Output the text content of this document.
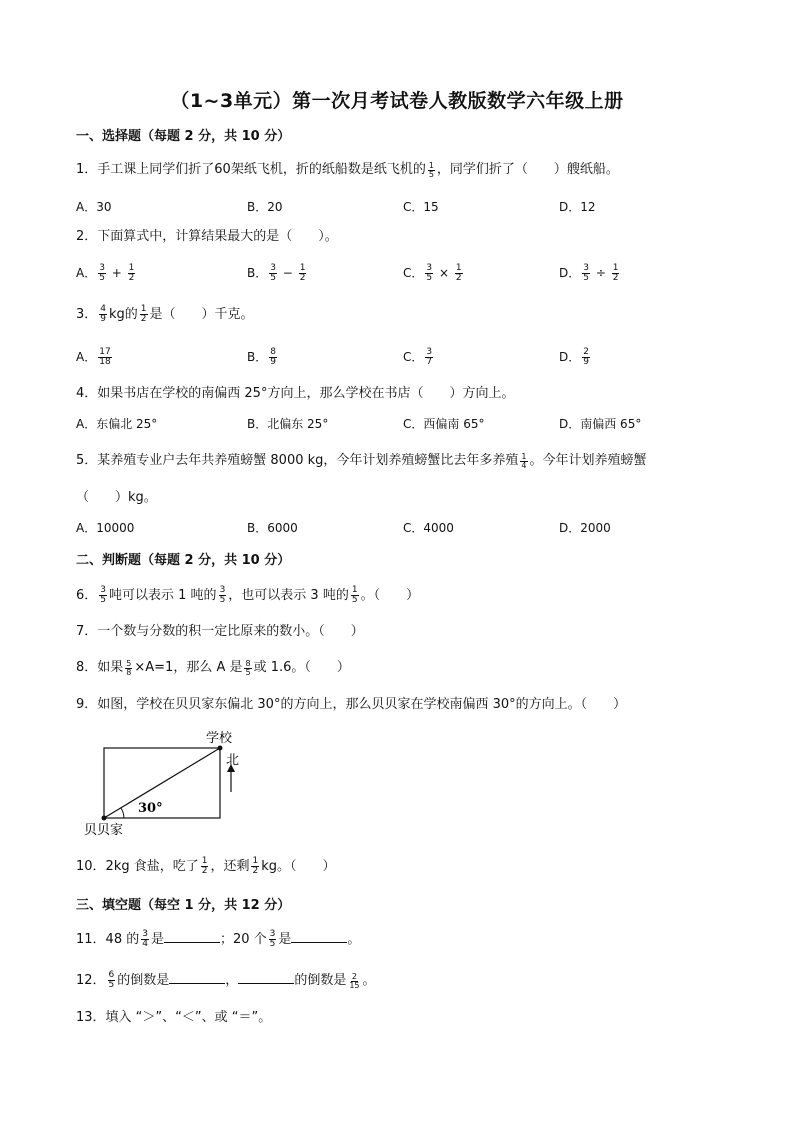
（1~3单元）第一次月考试卷人教版数学六年级上册
一、选择题（每题 2 分，共 10 分）
1．手工课上同学们折了60架纸飞机，折的纸船数是纸飞机的 $\frac{1}{5}$ ，同学们折了（　　）艘纸船。
A．30	B．20	C．15	D．12
2．下面算式中，计算结果最大的是（　　）。
A． $\frac{3}{5} + \frac{1}{2}$	B． $\frac{3}{5} - \frac{1}{2}$	C． $\frac{3}{5} \times \frac{1}{2}$	D． $\frac{3}{5} \div \frac{1}{2}$
3． $\frac{4}{9}$ kg的 $\frac{1}{2}$ 是（　　）千克。
A． $\frac{17}{18}$	B． $\frac{8}{9}$	C． $\frac{3}{7}$	D． $\frac{2}{9}$
4．如果书店在学校的南偏西 25°方向上，那么学校在书店（　　）方向上。
A．东偏北 25°	B．北偏东 25°	C．西偏南 65°	D．南偏西 65°
5．某养殖专业户去年共养殖螃蟹 8000 kg，今年计划养殖螃蟹比去年多养殖 $\frac{1}{4}$ 。今年计划养殖螃蟹
（　　）kg。
A．10000	B．6000	C．4000	D．2000
二、判断题（每题 2 分，共 10 分）
6． $\frac{3}{5}$ 吨可以表示 1 吨的 $\frac{3}{5}$ ，也可以表示 3 吨的 $\frac{1}{5}$ 。（　　）
7．一个数与分数的积一定比原来的数小。（　　）
8．如果 $\frac{5}{8} \times A=1$，那么 A 是 $\frac{8}{5}$ 或 1.6。（　　）
9．如图，学校在贝贝家东偏北 30°的方向上，那么贝贝家在学校南偏西 30°的方向上。（　　）
学校
北
贝贝家
30°
10．2kg 食盐，吃了 $\frac{1}{2}$ ，还剩 $\frac{1}{2}$ kg。（　　）
三、填空题（每空 1 分，共 12 分）
11．48 的 $\frac{3}{4}$ 是	；20 个 $\frac{3}{5}$ 是	。
12． $\frac{6}{5}$ 的倒数是	，	的倒数是 $\frac{2}{15}$ 。
13．填入 “＞”、“＜”、或 “＝”。
